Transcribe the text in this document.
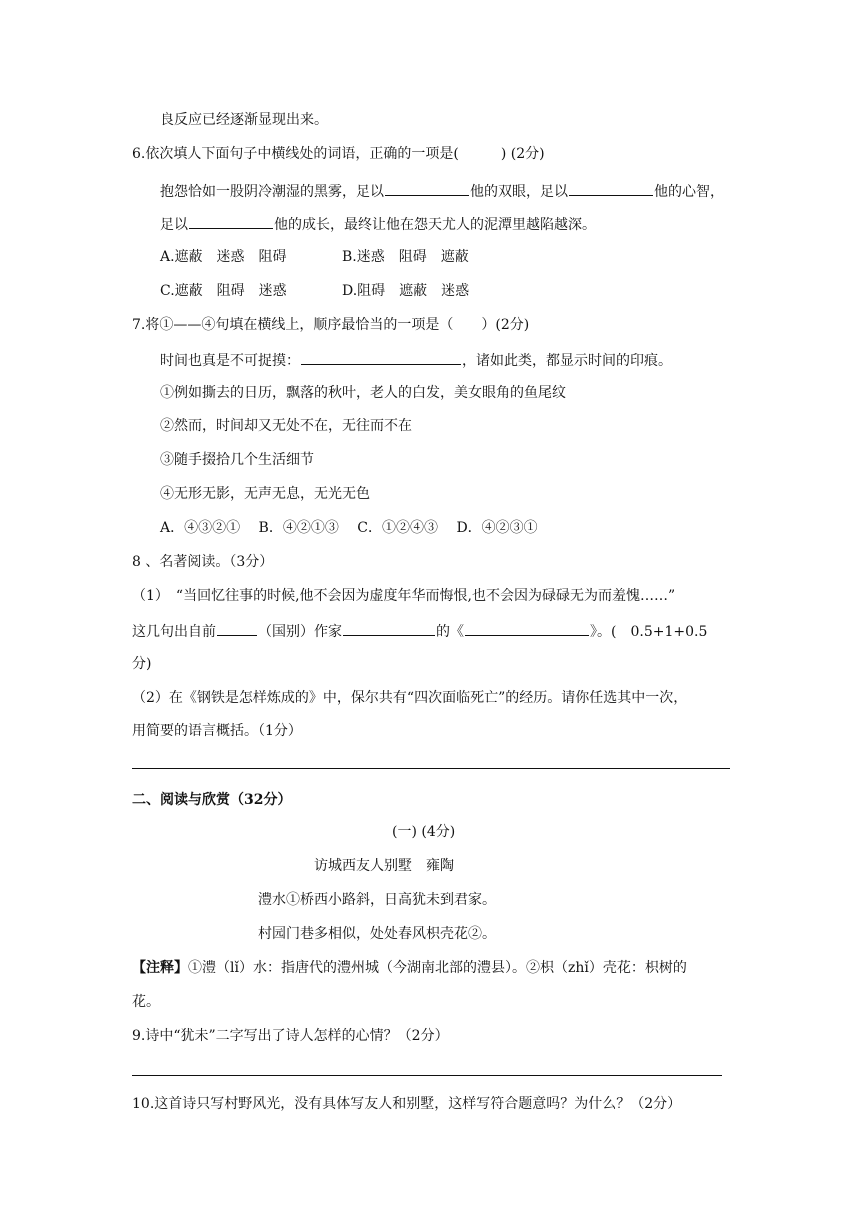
良反应已经逐渐显现出来。
6.依次填人下面句子中横线处的词语，正确的一项是(　　　) (2分)
抱怨恰如一股阴冷潮湿的黑雾，足以	他的双眼，足以	他的心智，
足以	他的成长，最终让他在怨天尤人的泥潭里越陷越深。
A.遮蔽　迷惑　阻碍	B.迷惑　阻碍　遮蔽
C.遮蔽　阻碍　迷惑	D.阻碍　遮蔽　迷惑
7.将①——④句填在横线上，顺序最恰当的一项是（　　）(2分)
时间也真是不可捉摸：	，诸如此类，都显示时间的印痕。
①例如撕去的日历，飘落的秋叶，老人的白发，美女眼角的鱼尾纹
②然而，时间却又无处不在，无往而不在
③随手掇拾几个生活细节
④无形无影，无声无息，无光无色
A．④③②①　 B．④②①③　 C．①②④③　 D．④②③①
8 、名著阅读。（3分）
（1）　“当回忆往事的时候,他不会因为虚度年华而悔恨,也不会因为碌碌无为而羞愧……”
这几句出自前	（国别）作家	的《	》。(　0.5+1+0.5
分)
（2）在《钢铁是怎样炼成的》中，保尔共有“四次面临死亡”的经历。请你任选其中一次，
用简要的语言概括。（1分）
二、阅读与欣赏（32分）
(一) (4分)
访城西友人别墅　雍陶
澧水①桥西小路斜，日高犹未到君家。
村园门巷多相似，处处春风枳壳花②。
【注释】①澧（lǐ）水：指唐代的澧州城（今湖南北部的澧县）。②枳（zhǐ）壳花：枳树的
花。
9.诗中“犹未”二字写出了诗人怎样的心情？（2分）
10.这首诗只写村野风光，没有具体写友人和别墅，这样写符合题意吗？为什么？（2分）
